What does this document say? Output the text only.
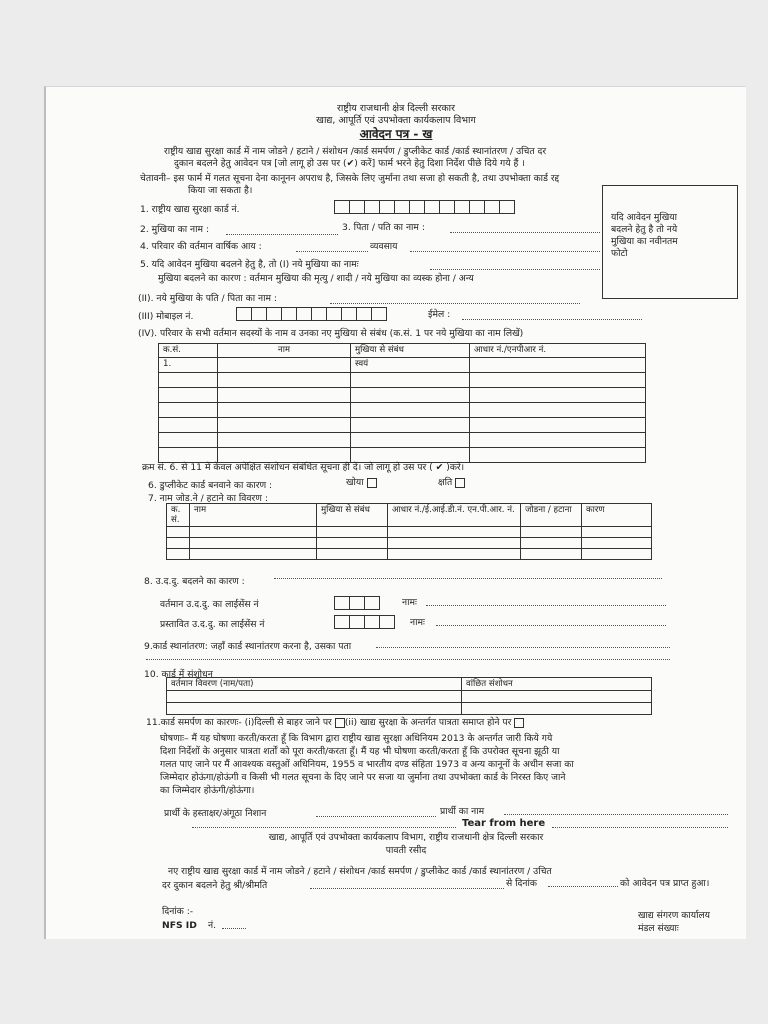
राष्ट्रीय राजधानी क्षेत्र दिल्ली सरकार
खाद्य, आपूर्ति एवं उपभोक्ता कार्यकलाप विभाग
आवेदन पत्र - ख
राष्ट्रीय खाद्य सुरक्षा कार्ड में नाम जोडने / हटाने / संशोधन /कार्ड समर्पण / डुप्लीकेट कार्ड /कार्ड स्थानांतरण / उचित दर
दुकान बदलने हेतु आवेदन पत्र [जो लागू हो उस पर (✔) करें] फार्म भरने हेतु दिशा निर्देश पीछे दिये गये हैं ।
चेतावनी– इस फार्म में गलत सूचना देना कानूनन अपराध है, जिसके लिए जुर्माना तथा सजा हो सकती है, तथा उपभोक्ता कार्ड रद्द
किया जा सकता है।
यदि आवेदन मुखिया
बदलने हेतु है तो नये
मुखिया का नवीनतम
फोटो
1. राष्ट्रीय खाद्य सुरक्षा कार्ड नं.
2. मुखिया का नाम :	3. पिता / पति का नाम :
4. परिवार की वर्तमान वार्षिक आय :	व्यवसाय
5. यदि आवेदन मुखिया बदलने हेतु है, तो (I) नये मुखिया का नामः
मुखिया बदलने का कारण : वर्तमान मुखिया की मृत्यु / शादी / नये मुखिया का व्यस्क होना / अन्य
(II). नये मुखिया के पति / पिता का नाम :
(III) मोबाइल नं.	ईमेल :
(IV). परिवार के सभी वर्तमान सदस्यों के नाम व उनका नए मुखिया से संबंध (क.सं. 1 पर नये मुखिया का नाम लिखें)
क.सं.	नाम	मुखिया से संबंध	आधार नं./एनपीआर नं.
1.		स्वयं	

क्रम सं. 6. से 11 में केवल अपेक्षित संशोधन संबंधित सूचना ही दें। जो लागू हो उस पर ( ✔ )करें।
6. डुप्लीकेट कार्ड बनवाने का कारण :	खोया	क्षति
7. नाम जोड.ने / हटाने का विवरण :
क. सं.	नाम	मुखिया से संबंध	आधार नं./ई.आई.डी.नं. एन.पी.आर. नं.	जोडना / हटाना	कारण

8. उ.द.दु. बदलने का कारण :
वर्तमान उ.द.दु. का लाईसेंस नं	नामः
प्रस्तावित उ.द.दु. का लाईसेंस नं	नामः
9.कार्ड स्थानांतरण: जहाँ कार्ड स्थानांतरण करना है, उसका पता
10. कार्ड में संशोधन
वर्तमान विवरण (नाम/पता)	वांछित संशोधन

11.कार्ड समर्पण का कारणः- (i)दिल्ली से बाहर जाने पर (ii) खाद्य सुरक्षा के अन्तर्गत पात्रता समाप्त होने पर
घोषणाः– मैं यह घोषणा करती/करता हूँ कि विभाग द्वारा राष्ट्रीय खाद्य सुरक्षा अधिनियम 2013 के अन्तर्गत जारी किये गये
दिशा निर्देशों के अनुसार पात्रता शर्तों को पूरा करती/करता हूँ। मैं यह भी घोषणा करती/करता हूँ कि उपरोक्त सूचना झूठी या
गलत पाए जाने पर मैं आवश्यक वस्तुओं अधिनियम, 1955 व भारतीय दण्ड संहिता 1973 व अन्य कानूनों के अधीन सजा का
जिम्मेदार होऊंगा/होऊंगी व किसी भी गलत सूचना के दिए जाने पर सजा या जुर्माना तथा उपभोक्ता कार्ड के निरस्त किए जाने
का जिम्मेदार होऊंगी/होऊंगा।
प्रार्थी के हस्ताक्षर/अंगूठा निशान	प्रार्थी का नाम
Tear from here
खाद्य, आपूर्ति एवं उपभोक्ता कार्यकलाप विभाग, राष्ट्रीय राजधानी क्षेत्र दिल्ली सरकार
पावती रसीद
नए राष्ट्रीय खाद्य सुरक्षा कार्ड में नाम जोडने / हटाने / संशोधन /कार्ड समर्पण / डुप्लीकेट कार्ड /कार्ड स्थानांतरण / उचित
दर दुकान बदलने हेतु श्री/श्रीमति	से दिनांक	को आवेदन पत्र प्राप्त हुआ।
दिनांक :-
NFS ID नं.
खाद्य संगरण कार्यालय
मंडल संख्याः
